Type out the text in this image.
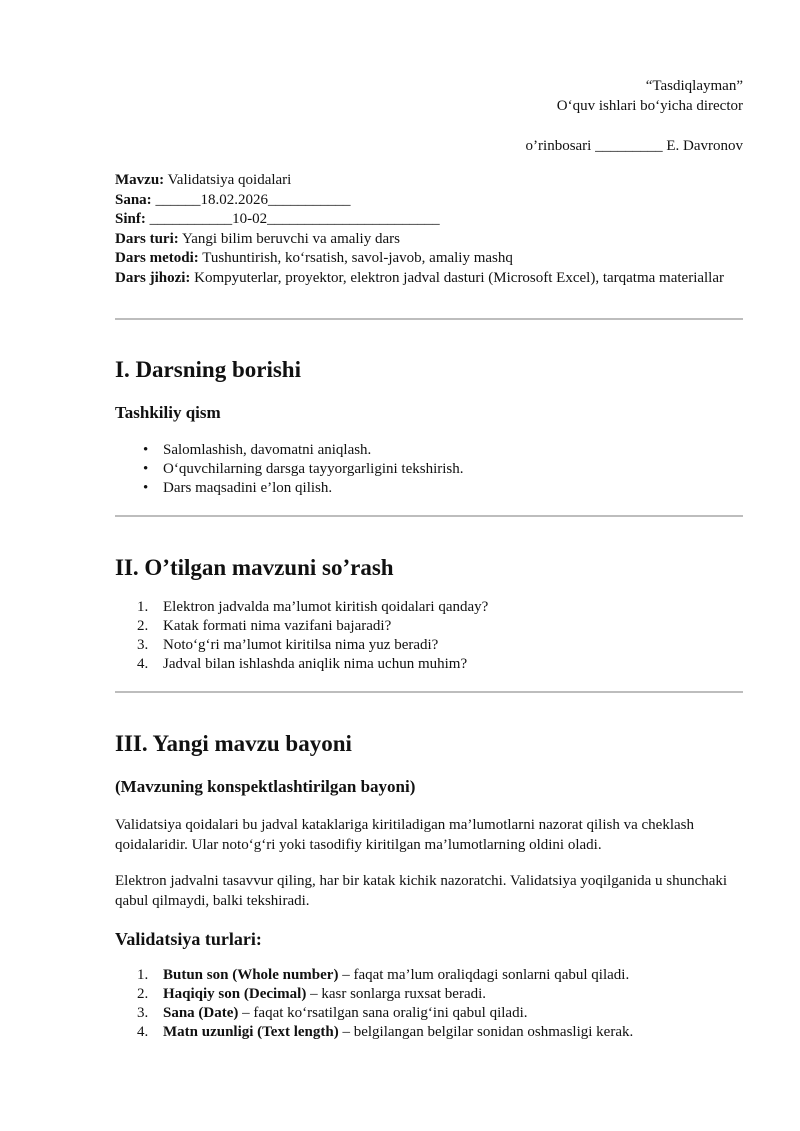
“Tasdiqlayman”
O‘quv ishlari bo‘yicha director
o’rinbosari _________ E. Davronov
Mavzu: Validatsiya qoidalari
Sana: ______18.02.2026___________
Sinf: ___________10-02_______________________
Dars turi: Yangi bilim beruvchi va amaliy dars
Dars metodi: Tushuntirish, ko‘rsatish, savol-javob, amaliy mashq
Dars jihozi: Kompyuterlar, proyektor, elektron jadval dasturi (Microsoft Excel), tarqatma materiallar
I. Darsning borishi
Tashkiliy qism
• Salomlashish, davomatni aniqlash.
• O‘quvchilarning darsga tayyorgarligini tekshirish.
• Dars maqsadini e’lon qilish.
II. O’tilgan mavzuni so’rash
1. Elektron jadvalda ma’lumot kiritish qoidalari qanday?
2. Katak formati nima vazifani bajaradi?
3. Noto‘g‘ri ma’lumot kiritilsa nima yuz beradi?
4. Jadval bilan ishlashda aniqlik nima uchun muhim?
III. Yangi mavzu bayoni
(Mavzuning konspektlashtirilgan bayoni)

Validatsiya qoidalari bu jadval kataklariga kiritiladigan ma’lumotlarni nazorat qilish va cheklash qoidalaridir. Ular noto‘g‘ri yoki tasodifiy kiritilgan ma’lumotlarning oldini oladi.

Elektron jadvalni tasavvur qiling, har bir katak kichik nazoratchi. Validatsiya yoqilganida u shunchaki qabul qilmaydi, balki tekshiradi.

Validatsiya turlari:
1. Butun son (Whole number) – faqat ma’lum oraliqdagi sonlarni qabul qiladi.
2. Haqiqiy son (Decimal) – kasr sonlarga ruxsat beradi.
3. Sana (Date) – faqat ko‘rsatilgan sana oralig‘ini qabul qiladi.
4. Matn uzunligi (Text length) – belgilangan belgilar sonidan oshmasligi kerak.
